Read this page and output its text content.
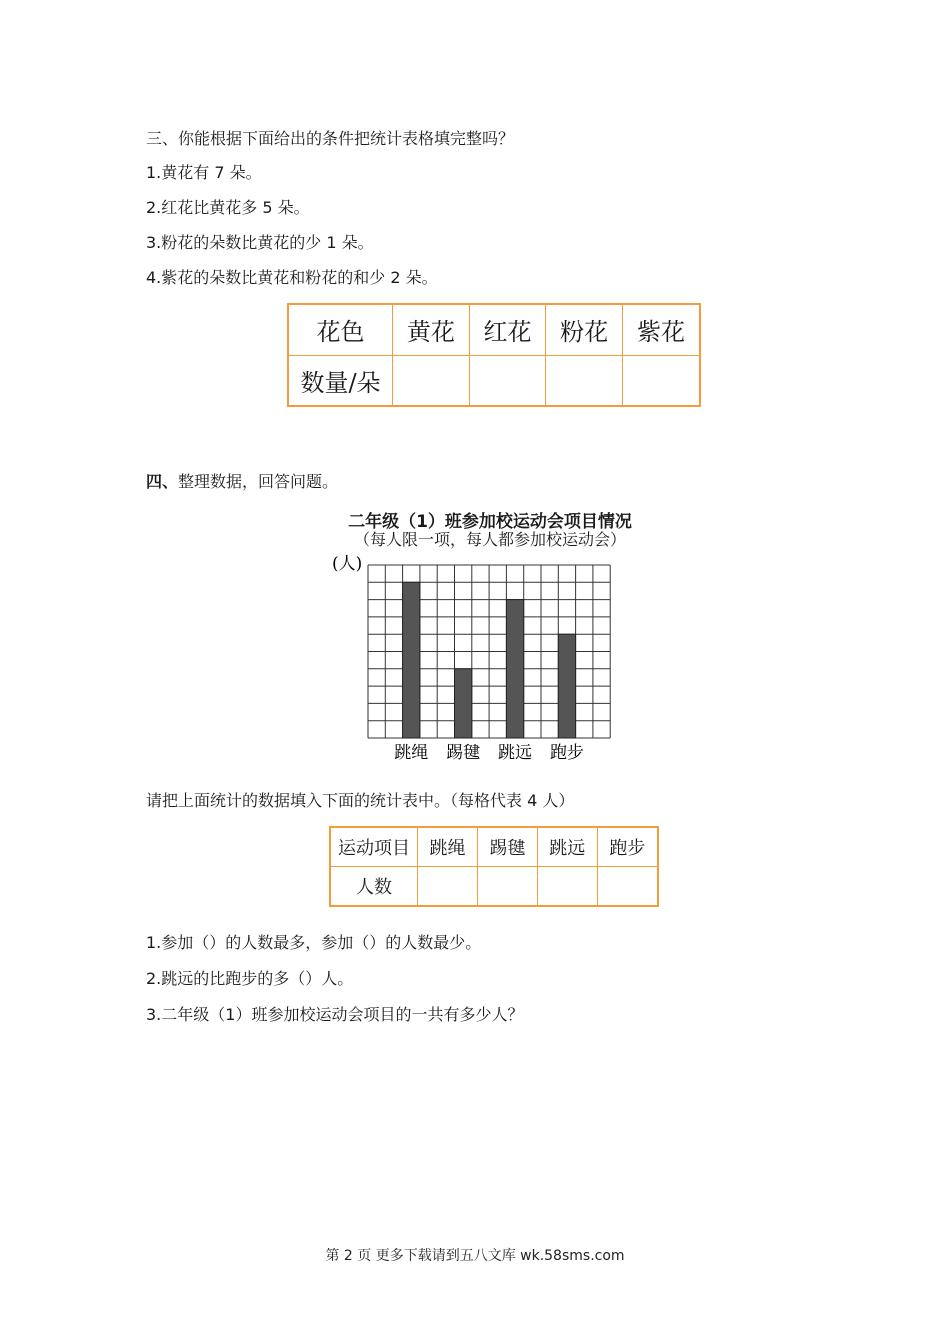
三、你能根据下面给出的条件把统计表格填完整吗？
1.黄花有 7 朵。
2.红花比黄花多 5 朵。
3.粉花的朵数比黄花的少 1 朵。
4.紫花的朵数比黄花和粉花的和少 2 朵。
花色	黄花	红花	粉花	紫花
数量/朵				
四、整理数据，回答问题。
二年级（1）班参加校运动会项目情况
（每人限一项，每人都参加校运动会）
(人)
跳绳 踢毽 跳远 跑步
请把上面统计的数据填入下面的统计表中。（每格代表 4 人）
运动项目	跳绳	踢毽	跳远	跑步
人数				
1.参加（）的人数最多，参加（）的人数最少。
2.跳远的比跑步的多（）人。
3.二年级（1）班参加校运动会项目的一共有多少人？
第 2 页 更多下载请到五八文库 wk.58sms.com
